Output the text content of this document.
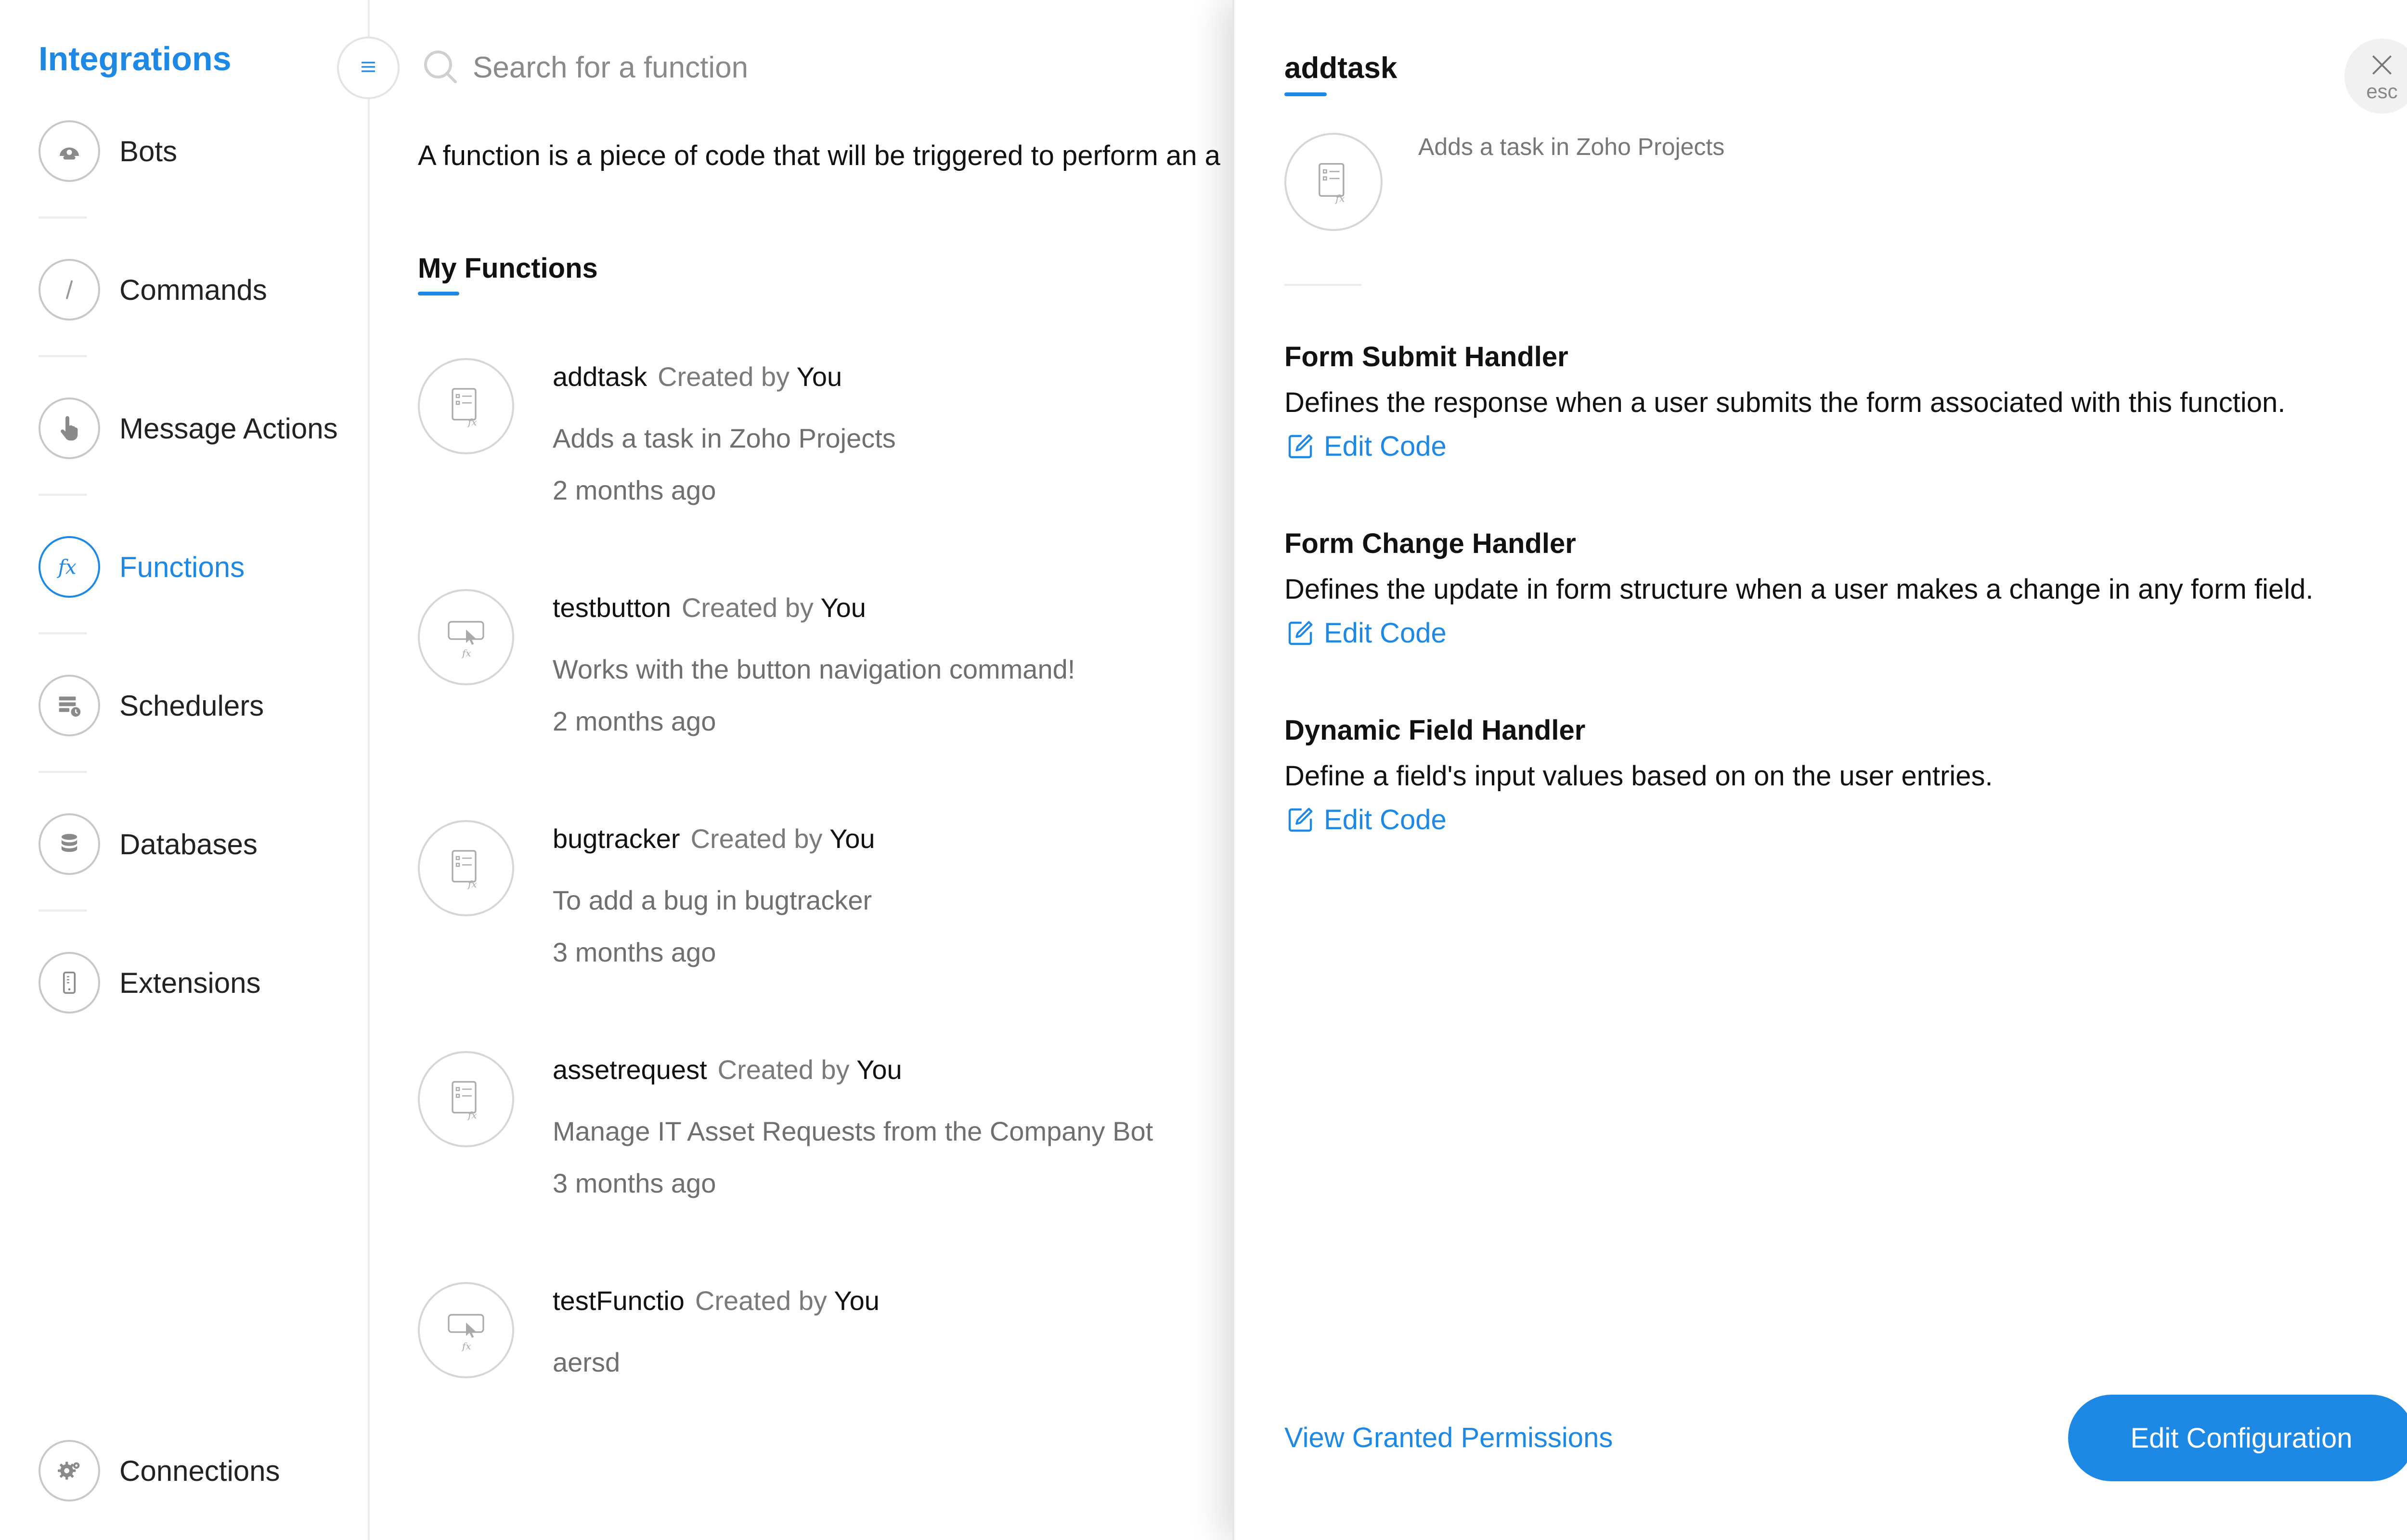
Integrations
Bots
Commands
Message Actions
fx Functions
Schedulers
Databases
Extensions
Connections
Search for a function
A function is a piece of code that will be triggered to perform an a
My Functions
fx
addtask Created by You
Adds a task in Zoho Projects
2 months ago
fx
testbutton Created by You
Works with the button navigation command!
2 months ago
fx
bugtracker Created by You
To add a bug in bugtracker
3 months ago
fx
assetrequest Created by You
Manage IT Asset Requests from the Company Bot
3 months ago
fx
testFunctio Created by You
aersd
addtask
esc
fx
Adds a task in Zoho Projects
Form Submit Handler
Defines the response when a user submits the form associated with this function.
Edit Code
Form Change Handler
Defines the update in form structure when a user makes a change in any form field.
Edit Code
Dynamic Field Handler
Define a field's input values based on on the user entries.
Edit Code
View Granted Permissions	Edit Configuration
